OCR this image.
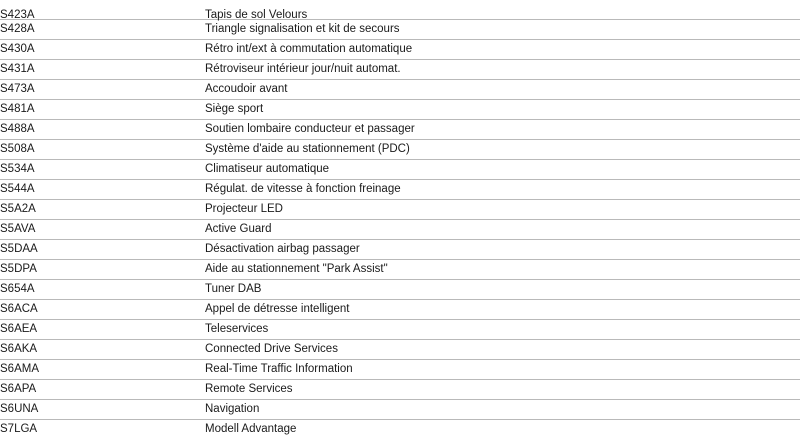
S423A	Tapis de sol Velours	
S428A	Triangle signalisation et kit de secours	
S430A	Rétro int/ext à commutation automatique	
S431A	Rétroviseur intérieur jour/nuit automat.	
S473A	Accoudoir avant	
S481A	Siège sport	
S488A	Soutien lombaire conducteur et passager	
S508A	Système d'aide au stationnement (PDC)	
S534A	Climatiseur automatique	
S544A	Régulat. de vitesse à fonction freinage	
S5A2A	Projecteur LED	
S5AVA	Active Guard	
S5DAA	Désactivation airbag passager	
S5DPA	Aide au stationnement "Park Assist"	
S654A	Tuner DAB	
S6ACA	Appel de détresse intelligent	
S6AEA	Teleservices	
S6AKA	Connected Drive Services	
S6AMA	Real-Time Traffic Information	
S6APA	Remote Services	
S6UNA	Navigation	
S7LGA	Modell Advantage	
